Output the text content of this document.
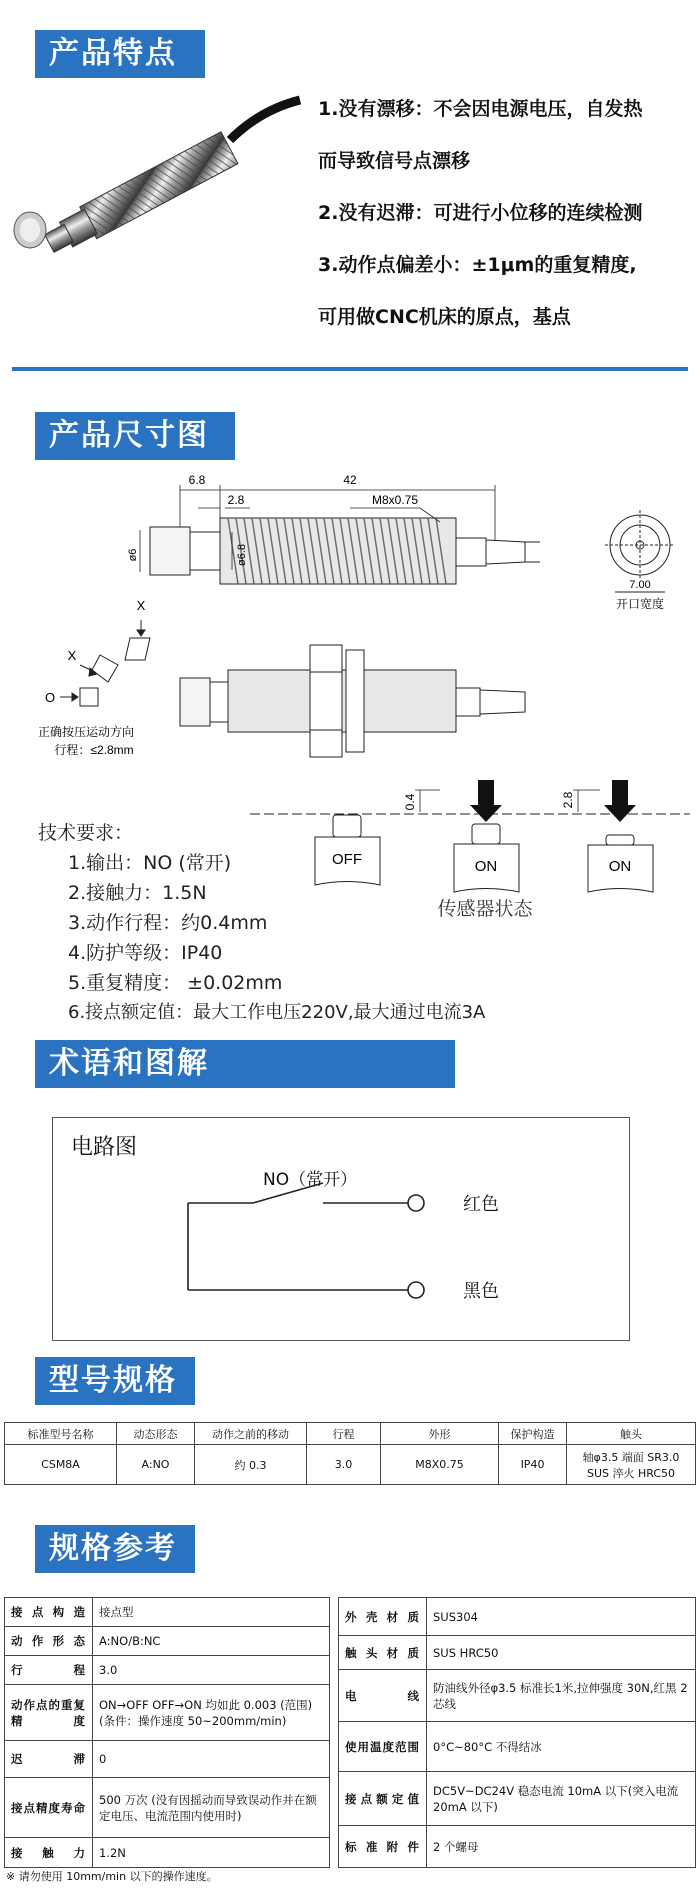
产品特点
1.没有漂移：不会因电源电压，自发热
而导致信号点漂移
2.没有迟滞：可进行小位移的连续检测
3.动作点偏差小：±1μm的重复精度,
可用做CNC机床的原点，基点
产品尺寸图
6.8	42
2.8	M8x0.75
ø6	ø6.8
7.00
开口宽度
X
X
O
正确按压运动方向
行程：≤2.8mm
0.4	2.8
OFF	ON	ON
传感器状态
技术要求：
1.输出：NO (常开)
2.接触力：1.5N
3.动作行程：约0.4mm
4.防护等级：IP40
5.重复精度： ±0.02mm
6.接点额定值：最大工作电压220V,最大通过电流3A
术语和图解 TERM&Graph
电路图
NO（常开）
红色
黑色
型号规格
标准型号名称	动态形态	动作之前的移动	行程	外形	保护构造	触头
CSM8A	A:NO	约 0.3	3.0	M8X0.75	IP40	轴φ3.5 端面 SR3.0
SUS 淬火 HRC50
规格参考
接点构造	接点型
动作形态	A:NO/B:NC
行程	3.0
动作点的重复精度	ON→OFF OFF→ON 均如此 0.003 (范围) (条件：操作速度 50~200mm/min)
迟滞	0
接点精度寿命	500 万次 (没有因摇动而导致误动作并在额定电压、电流范围内使用时)
接触力	1.2N
外壳材质	SUS304
触头材质	SUS HRC50
电线	防油线外径φ3.5 标准长1米,拉伸强度 30N,红黑 2 芯线
使用温度范围	0°C~80°C 不得结冰
接点额定值	DC5V~DC24V 稳态电流 10mA 以下(突入电流 20mA 以下)
标准附件	2 个螺母
※ 请勿使用 10mm/min 以下的操作速度。
